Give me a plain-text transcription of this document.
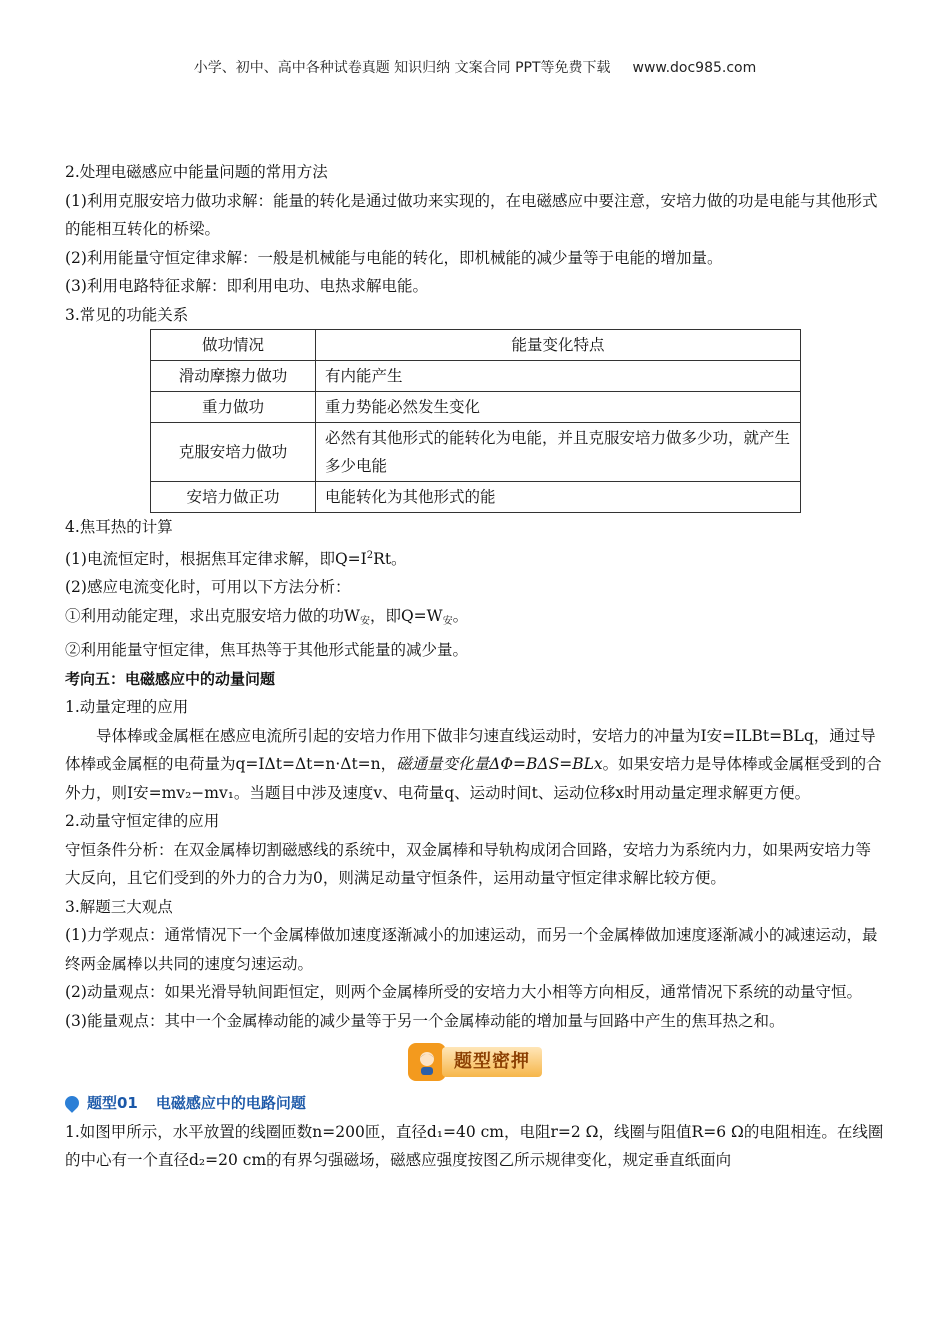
小学、初中、高中各种试卷真题 知识归纳 文案合同 PPT等免费下载 www.doc985.com

2.处理电磁感应中能量问题的常用方法

(1)利用克服安培力做功求解：能量的转化是通过做功来实现的，在电磁感应中要注意，安培力做的功是电能与其他形式的能相互转化的桥梁。

(2)利用能量守恒定律求解：一般是机械能与电能的转化，即机械能的减少量等于电能的增加量。

(3)利用电路特征求解：即利用电功、电热求解电能。

3.常见的功能关系

做功情况	能量变化特点
滑动摩擦力做功	有内能产生
重力做功	重力势能必然发生变化
克服安培力做功	必然有其他形式的能转化为电能，并且克服安培力做多少功，就产生多少电能
安培力做正功	电能转化为其他形式的能

4.焦耳热的计算

(1)电流恒定时，根据焦耳定律求解，即$Q=I^2Rt$。

(2)感应电流变化时，可用以下方法分析：

①利用动能定理，求出克服安培力做的功$W_安$，即$Q=W_安$。

②利用能量守恒定律，焦耳热等于其他形式能量的减少量。

考向五：电磁感应中的动量问题

1.动量定理的应用

导体棒或金属框在感应电流所引起的安培力作用下做非匀速直线运动时，安培力的冲量为I安=ILBt=BLq，通过导体棒或金属框的电荷量为q=IΔt=Δt=n·Δt=n，磁通量变化量ΔΦ=BΔS=BLx。如果安培力是导体棒或金属框受到的合外力，则I安=mv₂−mv₁。当题目中涉及速度v、电荷量q、运动时间t、运动位移x时用动量定理求解更方便。

2.动量守恒定律的应用

守恒条件分析：在双金属棒切割磁感线的系统中，双金属棒和导轨构成闭合回路，安培力为系统内力，如果两安培力等大反向，且它们受到的外力的合力为0，则满足动量守恒条件，运用动量守恒定律求解比较方便。

3.解题三大观点

(1)力学观点：通常情况下一个金属棒做加速度逐渐减小的加速运动，而另一个金属棒做加速度逐渐减小的减速运动，最终两金属棒以共同的速度匀速运动。

(2)动量观点：如果光滑导轨间距恒定，则两个金属棒所受的安培力大小相等方向相反，通常情况下系统的动量守恒。

(3)能量观点：其中一个金属棒动能的减少量等于另一个金属棒动能的增加量与回路中产生的焦耳热之和。

题型密押
题型01 电磁感应中的电路问题

1.如图甲所示，水平放置的线圈匝数n=200匝，直径d₁=40 cm，电阻r=2 Ω，线圈与阻值R=6 Ω的电阻相连。在线圈的中心有一个直径d₂=20 cm的有界匀强磁场，磁感应强度按图乙所示规律变化，规定垂直纸面向
